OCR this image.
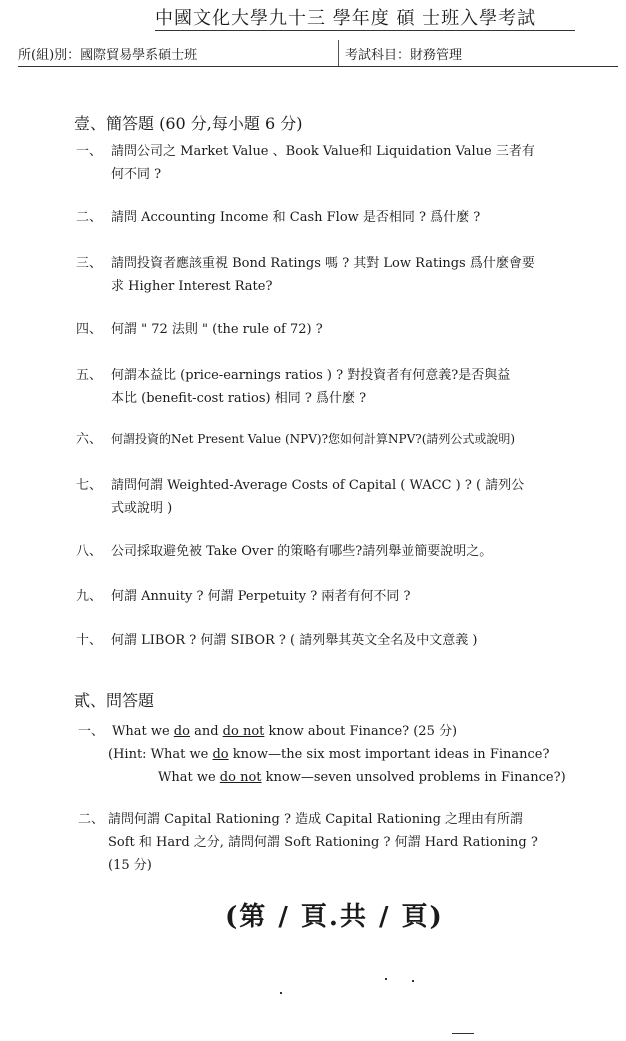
中國文化大學九十三 學年度 碩 士班入學考試
所(組)別：國際貿易學系碩士班	考試科目：財務管理
壹、簡答題 (60 分,每小題 6 分)
一、 請問公司之 Market Value 、Book Value和 Liquidation Value 三者有
何不同 ?
二、 請問 Accounting Income 和 Cash Flow 是否相同 ? 爲什麼 ?
三、 請問投資者應該重視 Bond Ratings 嗎 ? 其對 Low Ratings 爲什麼會要
求 Higher Interest Rate?
四、 何謂 " 72 法則 " (the rule of 72) ?
五、 何謂本益比 (price-earnings ratios ) ? 對投資者有何意義?是否與益
本比 (benefit-cost ratios) 相同 ? 爲什麼 ?
六、 何謂投資的Net Present Value (NPV)?您如何計算NPV?(請列公式或說明)
七、 請問何謂 Weighted-Average Costs of Capital ( WACC ) ? ( 請列公
式或說明 )
八、 公司採取避免被 Take Over 的策略有哪些?請列舉並簡要說明之。
九、 何謂 Annuity ? 何謂 Perpetuity ? 兩者有何不同 ?
十、 何謂 LIBOR ? 何謂 SIBOR ? ( 請列舉其英文全名及中文意義 )
貳、問答題
一、 What we do and do not know about Finance? (25 分)
(Hint: What we do know—the six most important ideas in Finance?
What we do not know—seven unsolved problems in Finance?)
二、 請問何謂 Capital Rationing ? 造成 Capital Rationing 之理由有所謂
Soft 和 Hard 之分, 請問何謂 Soft Rationing ? 何謂 Hard Rationing ?
(15 分)
(第 / 頁.共 / 頁)
